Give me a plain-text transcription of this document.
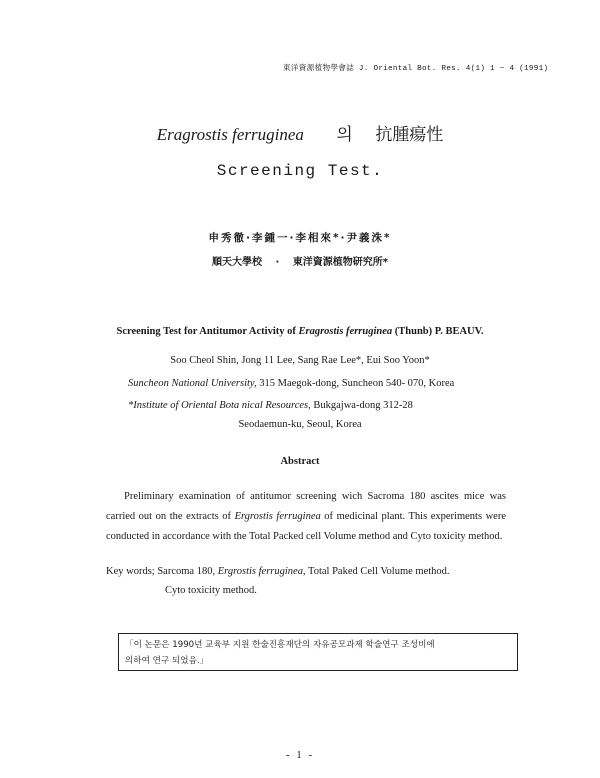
東洋資源植物學會誌 J. Oriental Bot. Res. 4(1) 1 ~ 4 (1991)
Eragrostis ferruginea 의 抗腫瘍性
Screening Test.
申秀徹·李鍾一·李相來*·尹義洙*
順天大學校 · 東洋資源植物研究所*
Screening Test for Antitumor Activity of Eragrostis ferruginea (Thunb) P. BEAUV.
Soo Cheol Shin, Jong 11 Lee, Sang Rae Lee*, Eui Soo Yoon*
Suncheon National University, 315 Maegok-dong, Suncheon 540- 070, Korea
*Institute of Oriental Bota nical Resources, Bukgajwa-dong 312-28
Seodaemun-ku, Seoul, Korea
Abstract

Preliminary examination of antitumor screening wich Sacroma 180 ascites mice was carried out on the extracts of Ergrostis ferruginea of medicinal plant. This experiments were conducted in accordance with the Total Packed cell Volume method and Cyto toxicity method.

Key words; Sarcoma 180, Ergrostis ferruginea, Total Paked Cell Volume method.
Cyto toxicity method.
「이 논문은 1990년 교육부 지원 한술진흥재단의 자유공모과제 학술연구 조성비에
의하여 연구 되었음.」
- 1 -
